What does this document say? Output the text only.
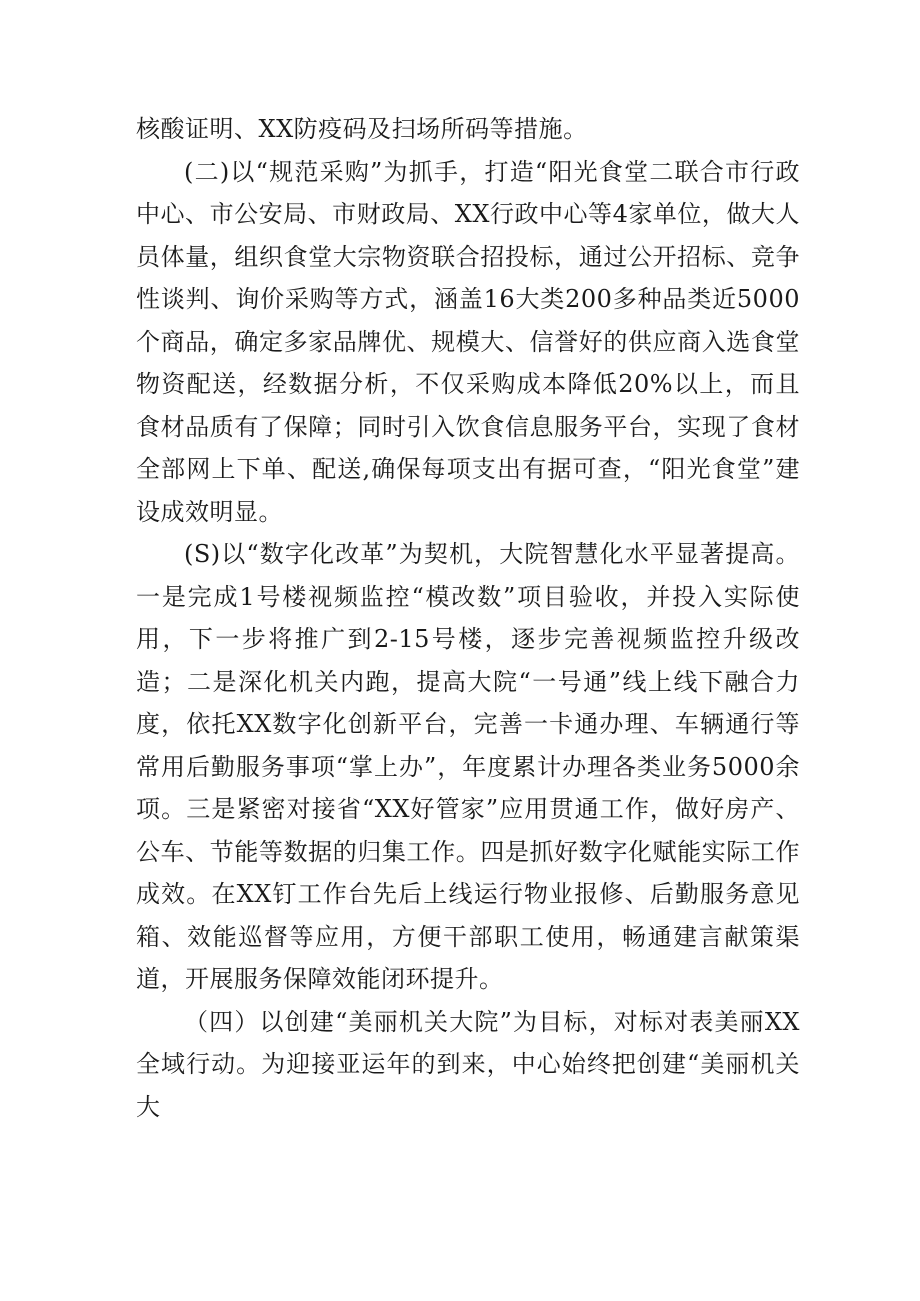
核酸证明、XX防疫码及扫场所码等措施。

(二)以“规范采购”为抓手，打造“阳光食堂二联合市行政中心、市公安局、市财政局、XX行政中心等4家单位，做大人员体量，组织食堂大宗物资联合招投标，通过公开招标、竞争性谈判、询价采购等方式，涵盖16大类200多种品类近5000个商品，确定多家品牌优、规模大、信誉好的供应商入选食堂物资配送，经数据分析，不仅采购成本降低20%以上，而且食材品质有了保障；同时引入饮食信息服务平台，实现了食材全部网上下单、配送,确保每项支出有据可查，“阳光食堂”建设成效明显。

(S)以“数字化改革”为契机，大院智慧化水平显著提高。一是完成1号楼视频监控“模改数”项目验收，并投入实际使用，下一步将推广到2-15号楼，逐步完善视频监控升级改造；二是深化机关内跑，提高大院“一号通”线上线下融合力度，依托XX数字化创新平台，完善一卡通办理、车辆通行等常用后勤服务事项“掌上办”，年度累计办理各类业务5000余项。三是紧密对接省“XX好管家”应用贯通工作，做好房产、公车、节能等数据的归集工作。四是抓好数字化赋能实际工作成效。在XX钉工作台先后上线运行物业报修、后勤服务意见箱、效能巡督等应用，方便干部职工使用，畅通建言献策渠道，开展服务保障效能闭环提升。

（四）以创建“美丽机关大院”为目标，对标对表美丽XX全域行动。为迎接亚运年的到来，中心始终把创建“美丽机关大
